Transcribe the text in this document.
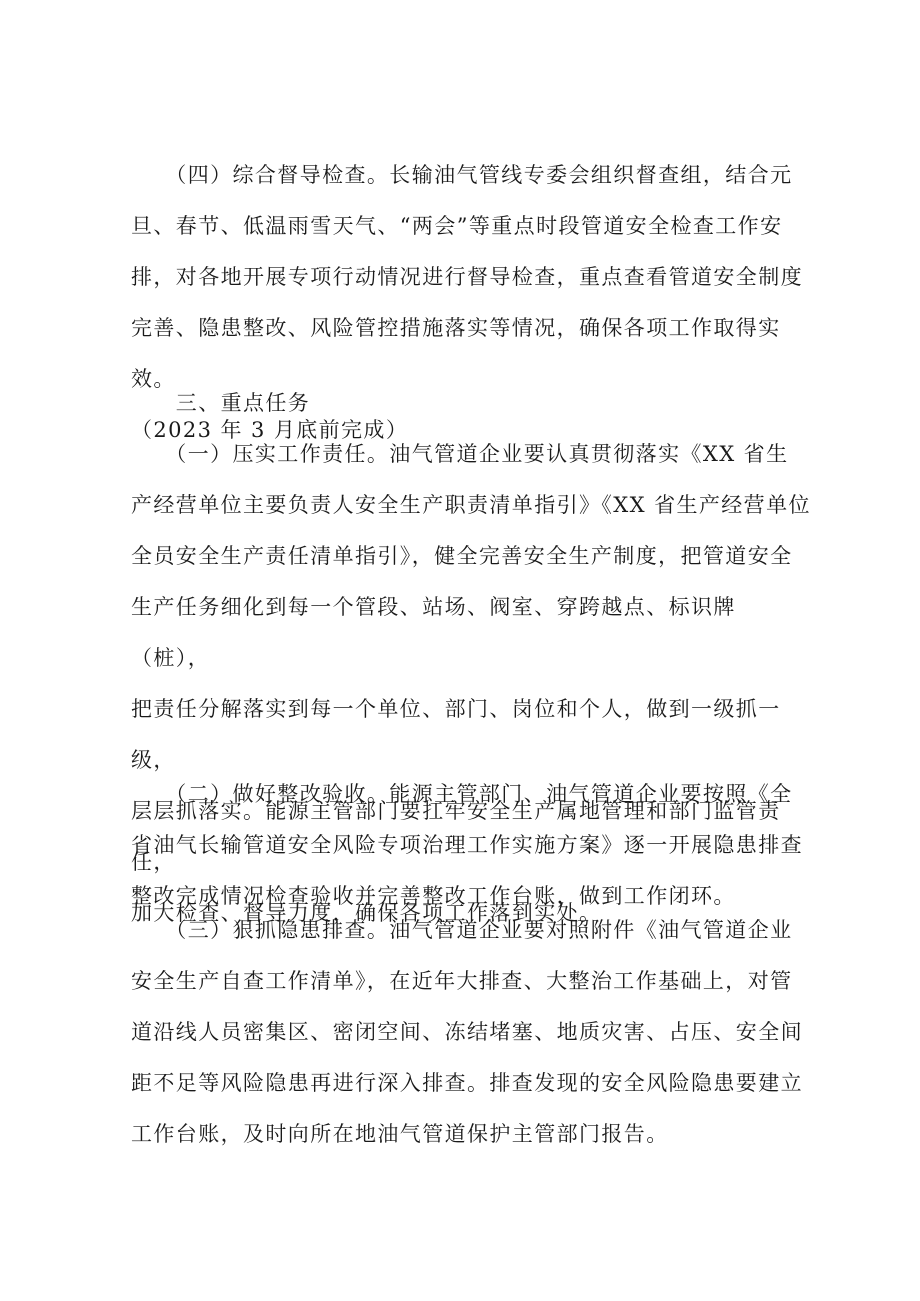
　　（四）综合督导检查。长输油气管线专委会组织督查组，结合元
旦、春节、低温雨雪天气、“两会”等重点时段管道安全检查工作安
排，对各地开展专项行动情况进行督导检查，重点查看管道安全制度
完善、隐患整改、风险管控措施落实等情况，确保各项工作取得实效。
（2023 年 3 月底前完成）

　　三、重点任务

　　（一）压实工作责任。油气管道企业要认真贯彻落实《XX 省生
产经营单位主要负责人安全生产职责清单指引》《XX 省生产经营单位
全员安全生产责任清单指引》，健全完善安全生产制度，把管道安全
生产任务细化到每一个管段、站场、阀室、穿跨越点、标识牌（桩），
把责任分解落实到每一个单位、部门、岗位和个人，做到一级抓一级，
层层抓落实。能源主管部门要扛牢安全生产属地管理和部门监管责任，
加大检查、督导力度，确保各项工作落到实处。

　　（二）做好整改验收。能源主管部门、油气管道企业要按照《全
省油气长输管道安全风险专项治理工作实施方案》逐一开展隐患排查
整改完成情况检查验收并完善整改工作台账，做到工作闭环。

　　（三）狠抓隐患排查。油气管道企业要对照附件《油气管道企业
安全生产自查工作清单》，在近年大排查、大整治工作基础上，对管
道沿线人员密集区、密闭空间、冻结堵塞、地质灾害、占压、安全间
距不足等风险隐患再进行深入排查。排查发现的安全风险隐患要建立
工作台账，及时向所在地油气管道保护主管部门报告。
